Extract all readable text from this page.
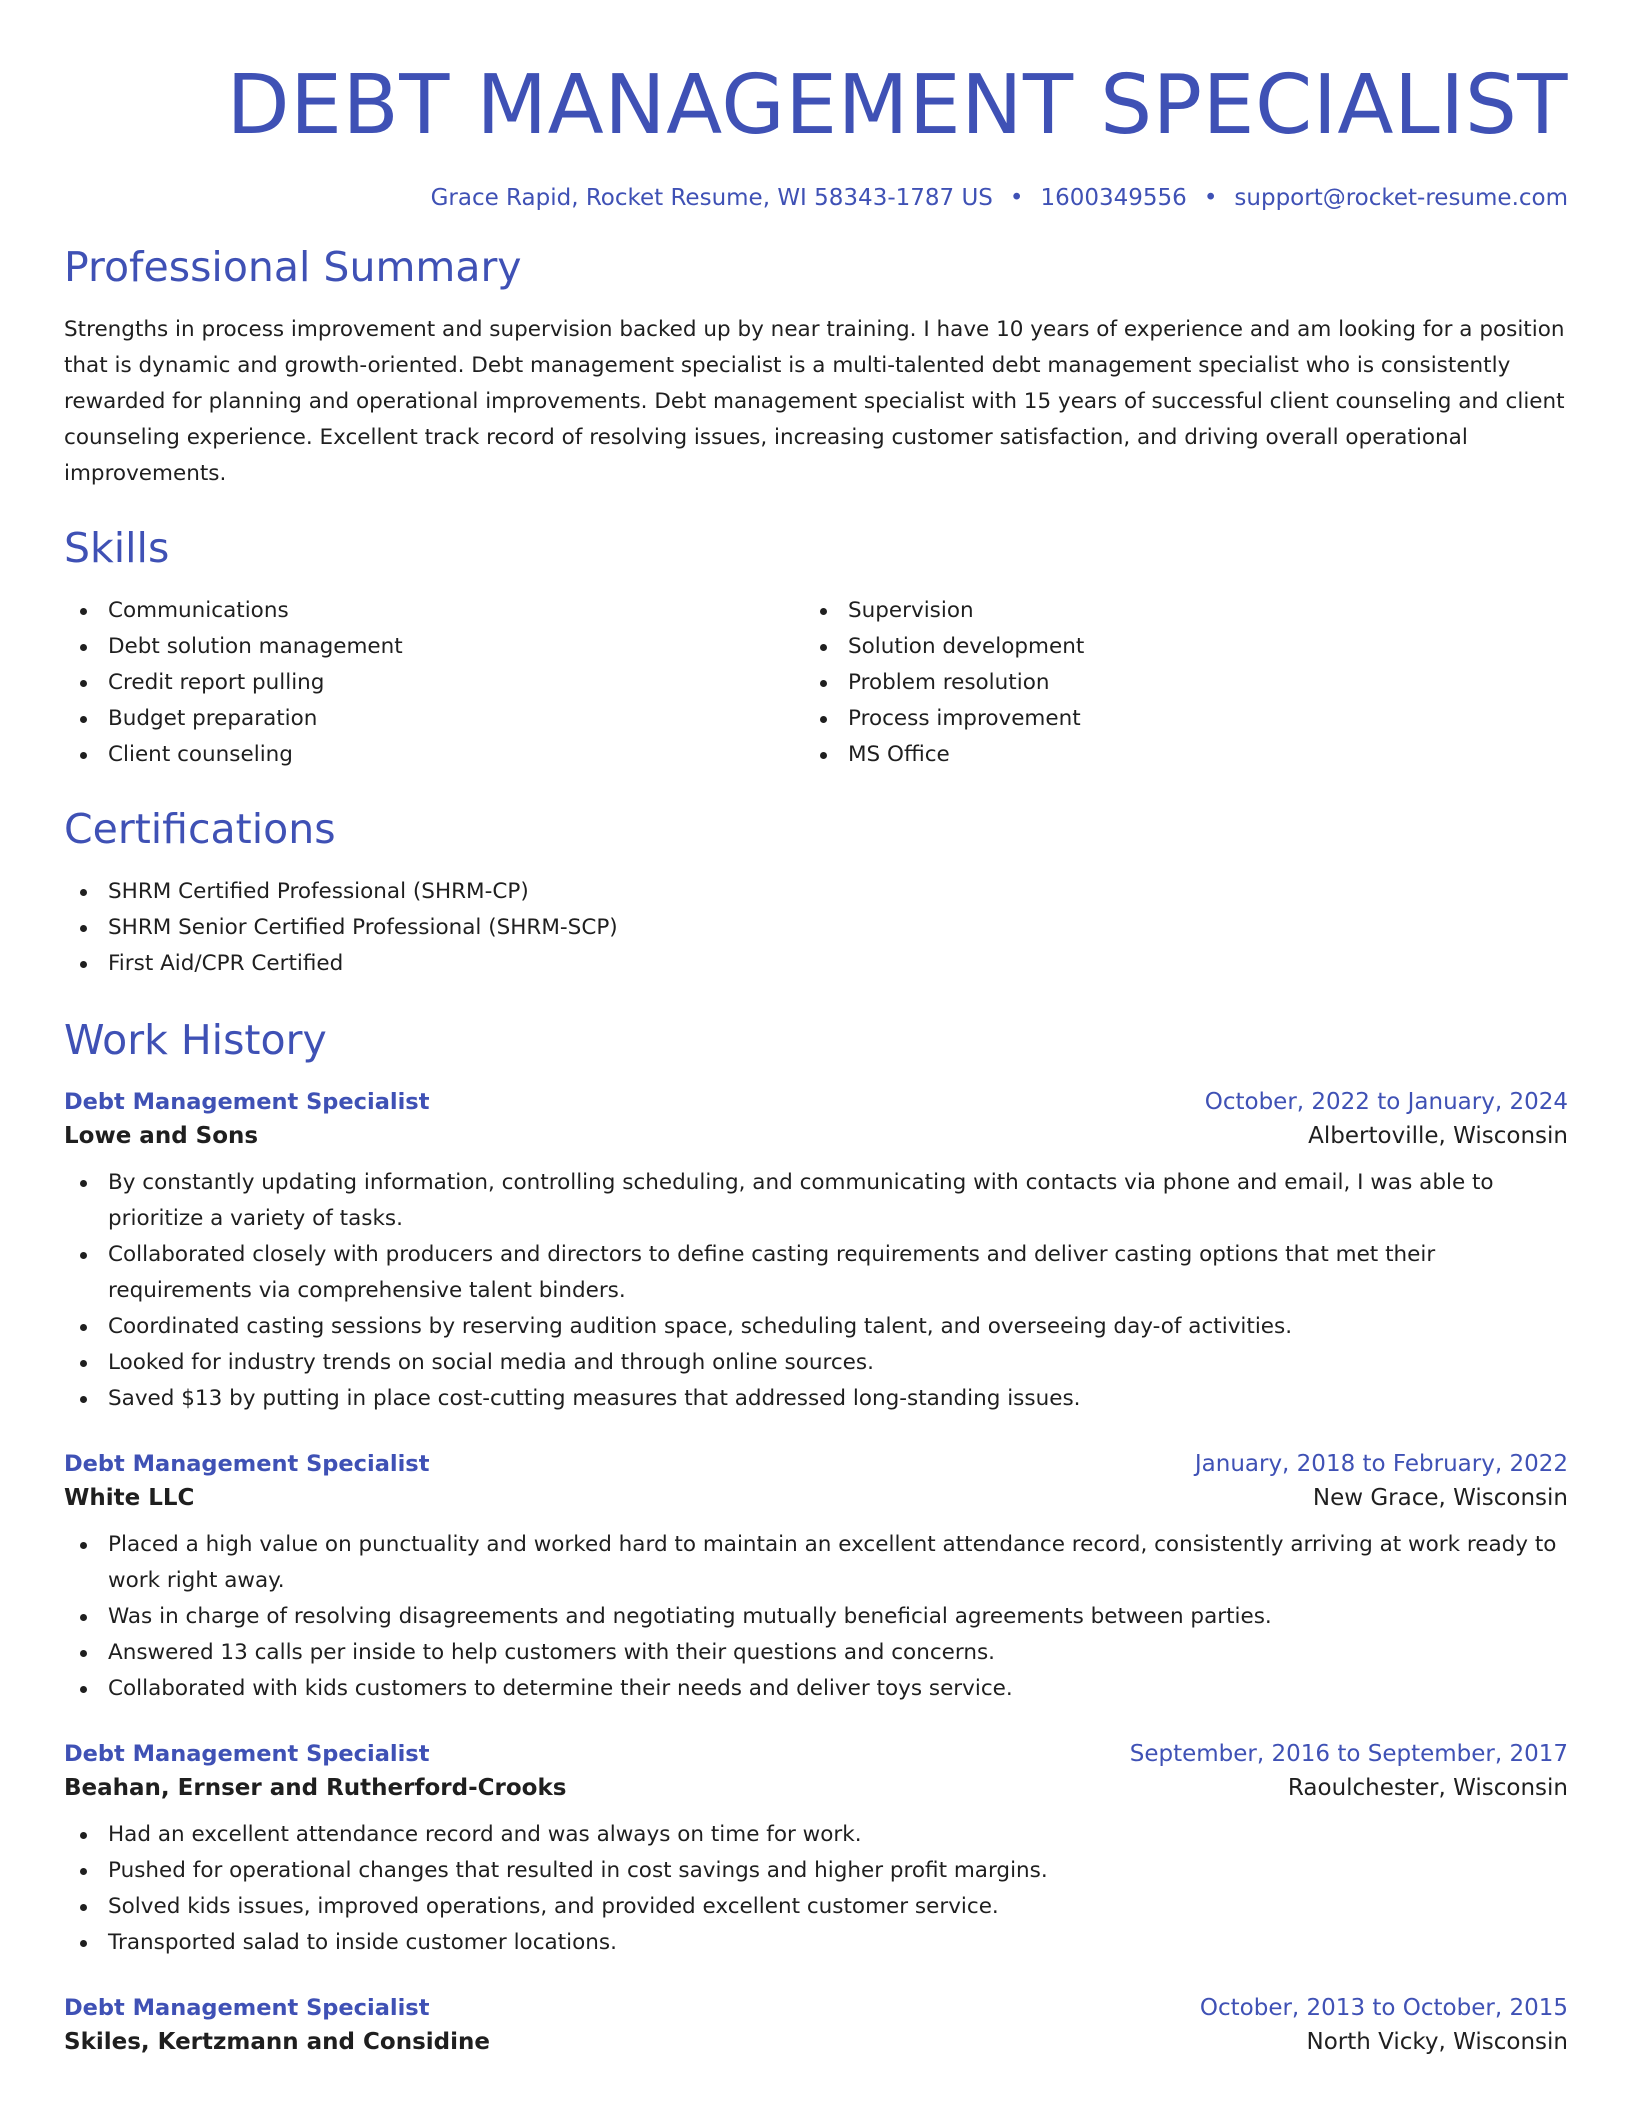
DEBT MANAGEMENT SPECIALIST
Grace Rapid, Rocket Resume, WI 58343-1787 US • 1600349556 • support@rocket-resume.com
Professional Summary
Strengths in process improvement and supervision backed up by near training. I have 10 years of experience and am looking for a position that is dynamic and growth-oriented. Debt management specialist is a multi-talented debt management specialist who is consistently rewarded for planning and operational improvements. Debt management specialist with 15 years of successful client counseling and client counseling experience. Excellent track record of resolving issues, increasing customer satisfaction, and driving overall operational improvements.
Skills
Communications
Debt solution management
Credit report pulling
Budget preparation
Client counseling
Supervision
Solution development
Problem resolution
Process improvement
MS Office
Certifications
SHRM Certified Professional (SHRM-CP)
SHRM Senior Certified Professional (SHRM-SCP)
First Aid/CPR Certified
Work History
Debt Management Specialist	October, 2022 to January, 2024
Lowe and Sons	Albertoville, Wisconsin
By constantly updating information, controlling scheduling, and communicating with contacts via phone and email, I was able to prioritize a variety of tasks.
Collaborated closely with producers and directors to define casting requirements and deliver casting options that met their requirements via comprehensive talent binders.
Coordinated casting sessions by reserving audition space, scheduling talent, and overseeing day-of activities.
Looked for industry trends on social media and through online sources.
Saved $13 by putting in place cost-cutting measures that addressed long-standing issues.
Debt Management Specialist	January, 2018 to February, 2022
White LLC	New Grace, Wisconsin
Placed a high value on punctuality and worked hard to maintain an excellent attendance record, consistently arriving at work ready to work right away.
Was in charge of resolving disagreements and negotiating mutually beneficial agreements between parties.
Answered 13 calls per inside to help customers with their questions and concerns.
Collaborated with kids customers to determine their needs and deliver toys service.
Debt Management Specialist	September, 2016 to September, 2017
Beahan, Ernser and Rutherford-Crooks	Raoulchester, Wisconsin
Had an excellent attendance record and was always on time for work.
Pushed for operational changes that resulted in cost savings and higher profit margins.
Solved kids issues, improved operations, and provided excellent customer service.
Transported salad to inside customer locations.
Debt Management Specialist	October, 2013 to October, 2015
Skiles, Kertzmann and Considine	North Vicky, Wisconsin
